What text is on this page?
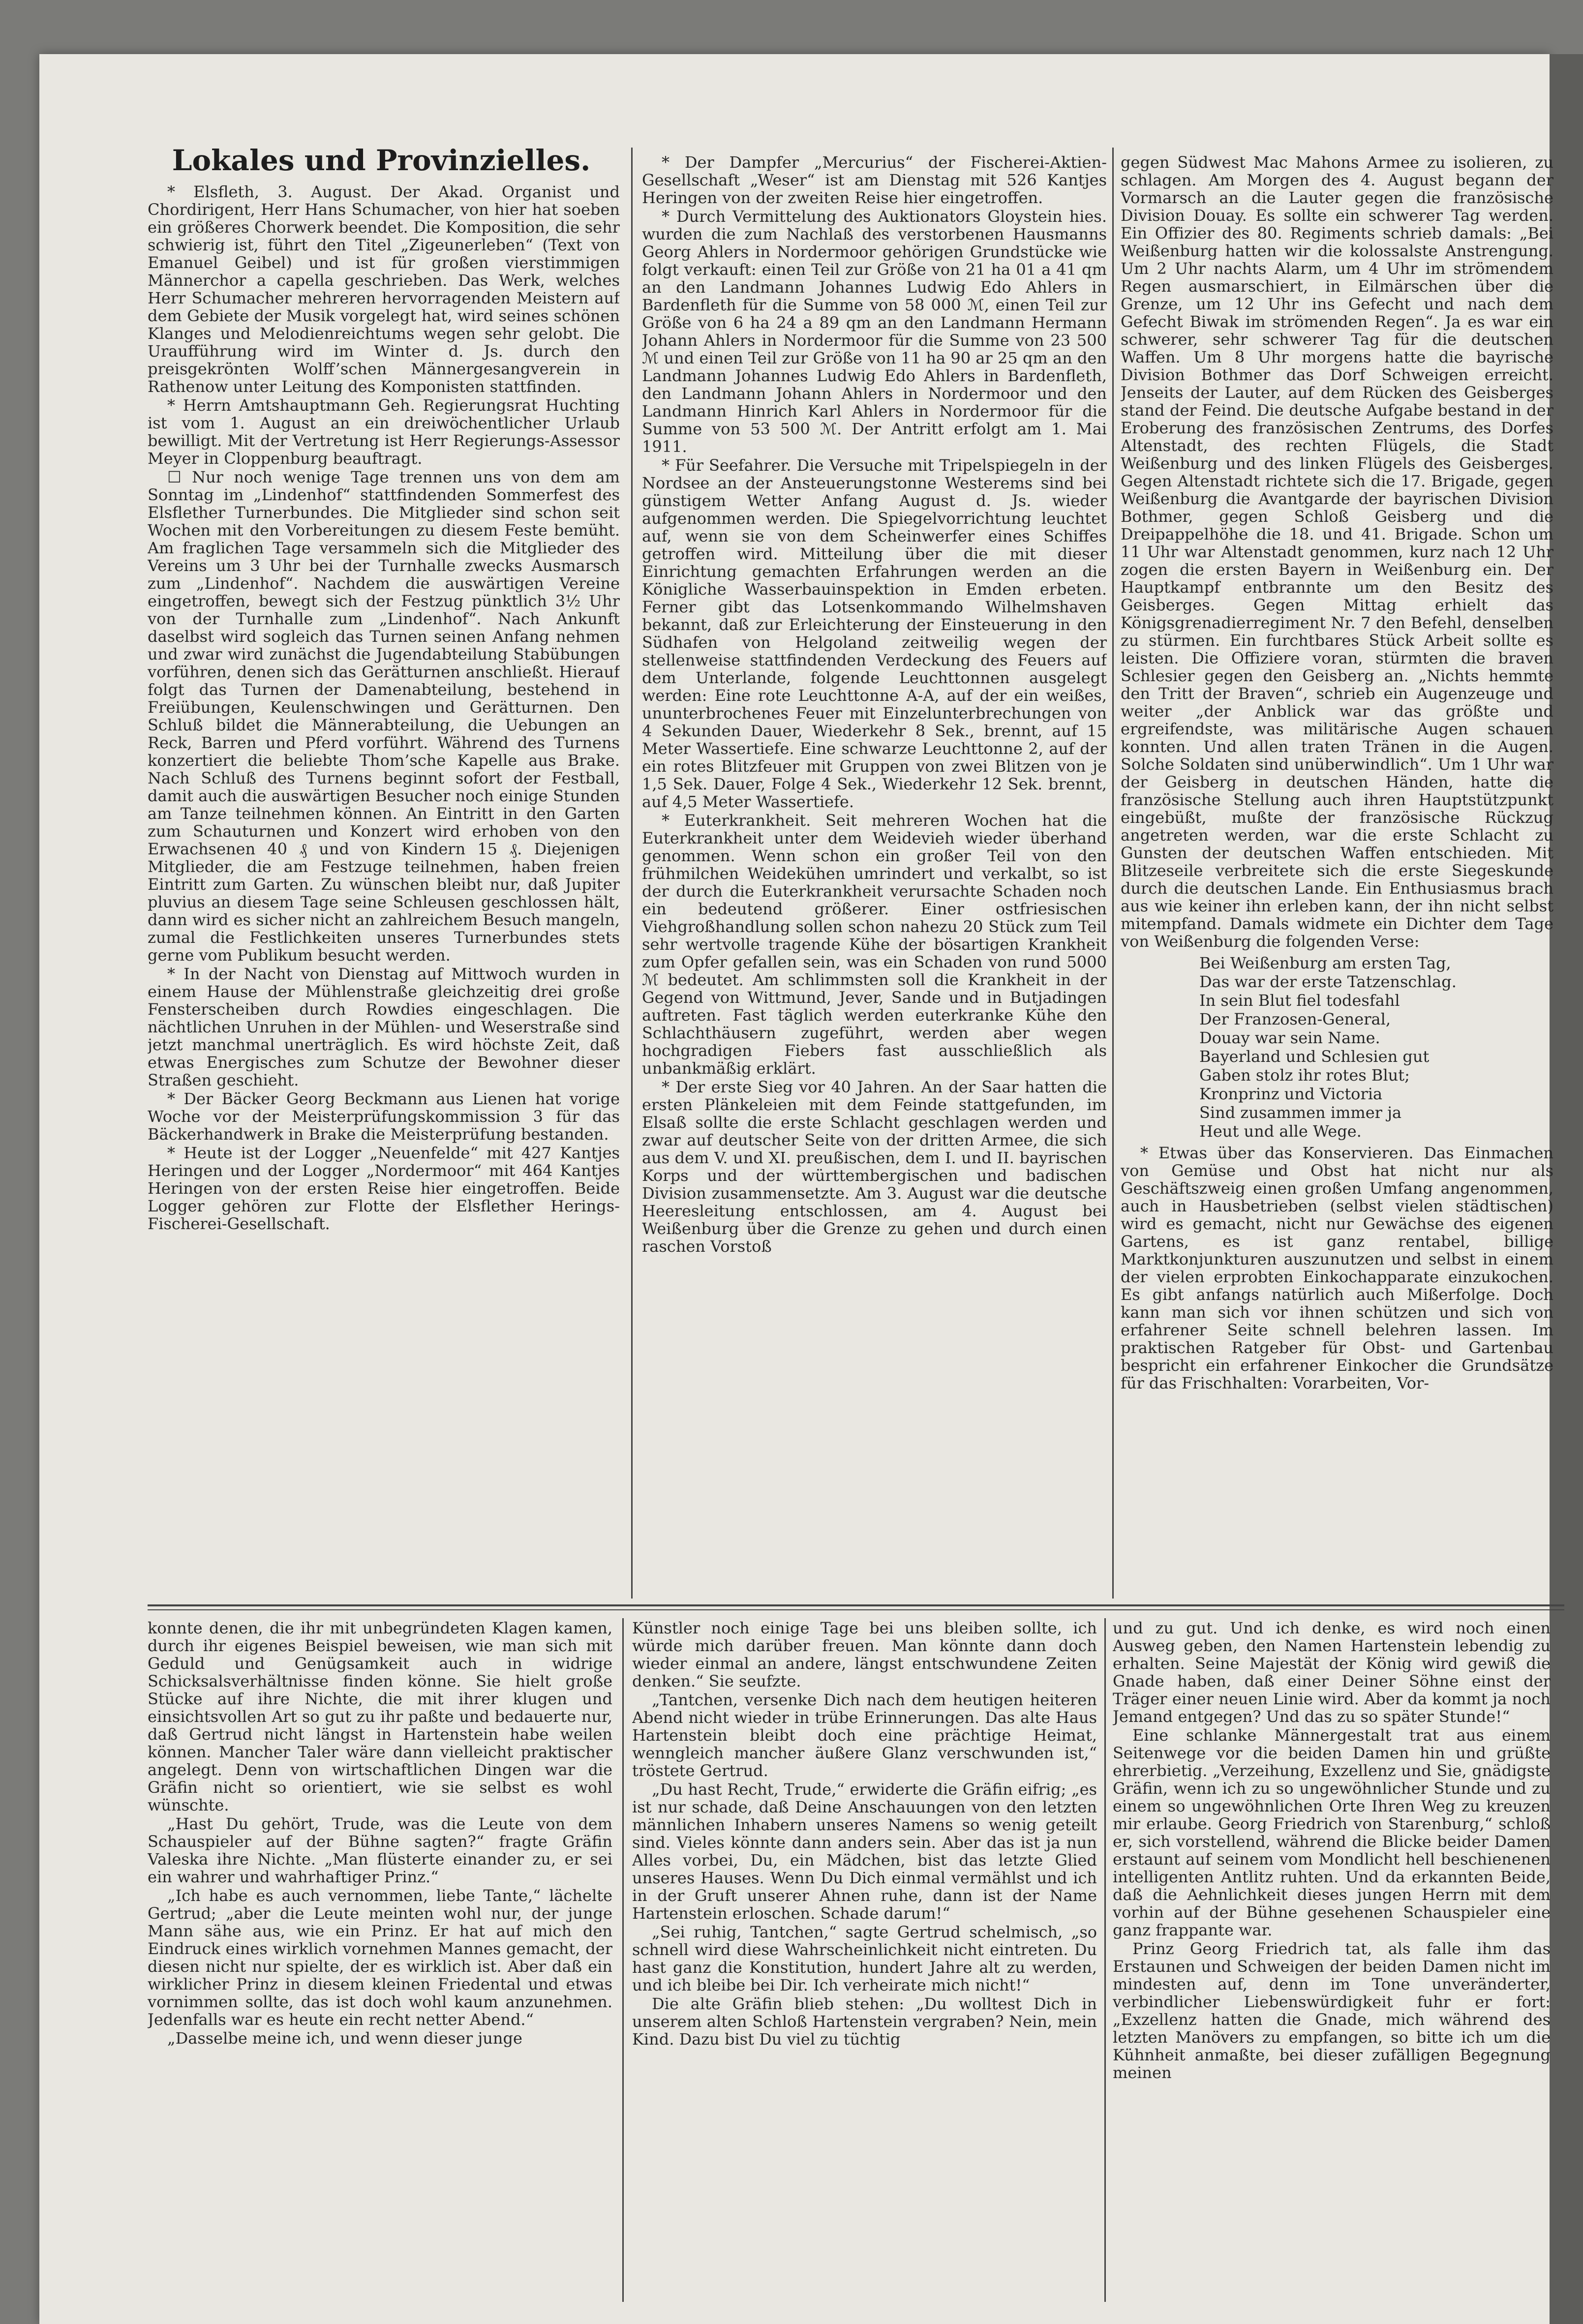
Lokales und Provinzielles.

* Elsfleth, 3. August. Der Akad. Organist und Chordirigent, Herr Hans Schumacher, von hier hat soeben ein größeres Chorwerk beendet. Die Komposition, die sehr schwierig ist, führt den Titel „Zigeunerleben“ (Text von Emanuel Geibel) und ist für großen vierstimmigen Männerchor a capella geschrieben. Das Werk, welches Herr Schumacher mehreren hervorragenden Meistern auf dem Gebiete der Musik vorgelegt hat, wird seines schönen Klanges und Melodienreichtums wegen sehr gelobt. Die Uraufführung wird im Winter d. Js. durch den preisgekrönten Wolff’schen Männergesangverein in Rathenow unter Leitung des Komponisten stattfinden.

* Herrn Amtshauptmann Geh. Regierungsrat Huchting ist vom 1. August an ein dreiwöchentlicher Urlaub bewilligt. Mit der Vertretung ist Herr Regierungs-Assessor Meyer in Cloppenburg beauftragt.

☐ Nur noch wenige Tage trennen uns von dem am Sonntag im „Lindenhof“ stattfindenden Sommerfest des Elsflether Turnerbundes. Die Mitglieder sind schon seit Wochen mit den Vorbereitungen zu diesem Feste bemüht. Am fraglichen Tage versammeln sich die Mitglieder des Vereins um 3 Uhr bei der Turnhalle zwecks Ausmarsch zum „Lindenhof“. Nachdem die auswärtigen Vereine eingetroffen, bewegt sich der Festzug pünktlich 3½ Uhr von der Turnhalle zum „Lindenhof“. Nach Ankunft daselbst wird sogleich das Turnen seinen Anfang nehmen und zwar wird zunächst die Jugendabteilung Stabübungen vorführen, denen sich das Gerätturnen anschließt. Hierauf folgt das Turnen der Damenabteilung, bestehend in Freiübungen, Keulenschwingen und Gerätturnen. Den Schluß bildet die Männerabteilung, die Uebungen an Reck, Barren und Pferd vorführt. Während des Turnens konzertiert die beliebte Thom’sche Kapelle aus Brake. Nach Schluß des Turnens beginnt sofort der Festball, damit auch die auswärtigen Besucher noch einige Stunden am Tanze teilnehmen können. An Eintritt in den Garten zum Schauturnen und Konzert wird erhoben von den Erwachsenen 40 ₰ und von Kindern 15 ₰. Diejenigen Mitglieder, die am Festzuge teilnehmen, haben freien Eintritt zum Garten. Zu wünschen bleibt nur, daß Jupiter pluvius an diesem Tage seine Schleusen geschlossen hält, dann wird es sicher nicht an zahlreichem Besuch mangeln, zumal die Festlichkeiten unseres Turnerbundes stets gerne vom Publikum besucht werden.

* In der Nacht von Dienstag auf Mittwoch wurden in einem Hause der Mühlenstraße gleichzeitig drei große Fensterscheiben durch Rowdies eingeschlagen. Die nächtlichen Unruhen in der Mühlen- und Weserstraße sind jetzt manchmal unerträglich. Es wird höchste Zeit, daß etwas Energisches zum Schutze der Bewohner dieser Straßen geschieht.

* Der Bäcker Georg Beckmann aus Lienen hat vorige Woche vor der Meisterprüfungskommission 3 für das Bäckerhandwerk in Brake die Meisterprüfung bestanden.

* Heute ist der Logger „Neuenfelde“ mit 427 Kantjes Heringen und der Logger „Nordermoor“ mit 464 Kantjes Heringen von der ersten Reise hier eingetroffen. Beide Logger gehören zur Flotte der Elsflether Herings-Fischerei-Gesellschaft.

* Der Dampfer „Mercurius“ der Fischerei-Aktien-Gesellschaft „Weser“ ist am Dienstag mit 526 Kantjes Heringen von der zweiten Reise hier eingetroffen.

* Durch Vermittelung des Auktionators Gloystein hies. wurden die zum Nachlaß des verstorbenen Hausmanns Georg Ahlers in Nordermoor gehörigen Grundstücke wie folgt verkauft: einen Teil zur Größe von 21 ha 01 a 41 qm an den Landmann Johannes Ludwig Edo Ahlers in Bardenfleth für die Summe von 58 000 ℳ, einen Teil zur Größe von 6 ha 24 a 89 qm an den Landmann Hermann Johann Ahlers in Nordermoor für die Summe von 23 500 ℳ und einen Teil zur Größe von 11 ha 90 ar 25 qm an den Landmann Johannes Ludwig Edo Ahlers in Bardenfleth, den Landmann Johann Ahlers in Nordermoor und den Landmann Hinrich Karl Ahlers in Nordermoor für die Summe von 53 500 ℳ. Der Antritt erfolgt am 1. Mai 1911.

* Für Seefahrer. Die Versuche mit Tripelspiegeln in der Nordsee an der Ansteuerungstonne Westerems sind bei günstigem Wetter Anfang August d. Js. wieder aufgenommen werden. Die Spiegelvorrichtung leuchtet auf, wenn sie von dem Scheinwerfer eines Schiffes getroffen wird. Mitteilung über die mit dieser Einrichtung gemachten Erfahrungen werden an die Königliche Wasserbauinspektion in Emden erbeten. Ferner gibt das Lotsenkommando Wilhelmshaven bekannt, daß zur Erleichterung der Einsteuerung in den Südhafen von Helgoland zeitweilig wegen der stellenweise stattfindenden Verdeckung des Feuers auf dem Unterlande, folgende Leuchttonnen ausgelegt werden: Eine rote Leuchttonne A-A, auf der ein weißes, ununterbrochenes Feuer mit Einzelunterbrechungen von 4 Sekunden Dauer, Wiederkehr 8 Sek., brennt, auf 15 Meter Wassertiefe. Eine schwarze Leuchttonne 2, auf der ein rotes Blitzfeuer mit Gruppen von zwei Blitzen von je 1,5 Sek. Dauer, Folge 4 Sek., Wiederkehr 12 Sek. brennt, auf 4,5 Meter Wassertiefe.

* Euterkrankheit. Seit mehreren Wochen hat die Euterkrankheit unter dem Weidevieh wieder überhand genommen. Wenn schon ein großer Teil von den frühmilchen Weidekühen umrindert und verkalbt, so ist der durch die Euterkrankheit verursachte Schaden noch ein bedeutend größerer. Einer ostfriesischen Viehgroßhandlung sollen schon nahezu 20 Stück zum Teil sehr wertvolle tragende Kühe der bösartigen Krankheit zum Opfer gefallen sein, was ein Schaden von rund 5000 ℳ bedeutet. Am schlimmsten soll die Krankheit in der Gegend von Wittmund, Jever, Sande und in Butjadingen auftreten. Fast täglich werden euterkranke Kühe den Schlachthäusern zugeführt, werden aber wegen hochgradigen Fiebers fast ausschließlich als unbankmäßig erklärt.

* Der erste Sieg vor 40 Jahren. An der Saar hatten die ersten Plänkeleien mit dem Feinde stattgefunden, im Elsaß sollte die erste Schlacht geschlagen werden und zwar auf deutscher Seite von der dritten Armee, die sich aus dem V. und XI. preußischen, dem I. und II. bayrischen Korps und der württembergischen und badischen Division zusammensetzte. Am 3. August war die deutsche Heeresleitung entschlossen, am 4. August bei Weißenburg über die Grenze zu gehen und durch einen raschen Vorstoß

gegen Südwest Mac Mahons Armee zu isolieren, zu schlagen. Am Morgen des 4. August begann der Vormarsch an die Lauter gegen die französische Division Douay. Es sollte ein schwerer Tag werden. Ein Offizier des 80. Regiments schrieb damals: „Bei Weißenburg hatten wir die kolossalste Anstrengung. Um 2 Uhr nachts Alarm, um 4 Uhr im strömendem Regen ausmarschiert, in Eilmärschen über die Grenze, um 12 Uhr ins Gefecht und nach dem Gefecht Biwak im strömenden Regen“. Ja es war ein schwerer, sehr schwerer Tag für die deutschen Waffen. Um 8 Uhr morgens hatte die bayrische Division Bothmer das Dorf Schweigen erreicht. Jenseits der Lauter, auf dem Rücken des Geisberges stand der Feind. Die deutsche Aufgabe bestand in der Eroberung des französischen Zentrums, des Dorfes Altenstadt, des rechten Flügels, die Stadt Weißenburg und des linken Flügels des Geisberges. Gegen Altenstadt richtete sich die 17. Brigade, gegen Weißenburg die Avantgarde der bayrischen Division Bothmer, gegen Schloß Geisberg und die Dreipappelhöhe die 18. und 41. Brigade. Schon um 11 Uhr war Altenstadt genommen, kurz nach 12 Uhr zogen die ersten Bayern in Weißenburg ein. Der Hauptkampf entbrannte um den Besitz des Geisberges. Gegen Mittag erhielt das Königsgrenadierregiment Nr. 7 den Befehl, denselben zu stürmen. Ein furchtbares Stück Arbeit sollte es leisten. Die Offiziere voran, stürmten die braven Schlesier gegen den Geisberg an. „Nichts hemmte den Tritt der Braven“, schrieb ein Augenzeuge und weiter „der Anblick war das größte und ergreifendste, was militärische Augen schauen konnten. Und allen traten Tränen in die Augen. Solche Soldaten sind unüberwindlich“. Um 1 Uhr war der Geisberg in deutschen Händen, hatte die französische Stellung auch ihren Hauptstützpunkt eingebüßt, mußte der französische Rückzug angetreten werden, war die erste Schlacht zu Gunsten der deutschen Waffen entschieden. Mit Blitzeseile verbreitete sich die erste Siegeskunde durch die deutschen Lande. Ein Enthusiasmus brach aus wie keiner ihn erleben kann, der ihn nicht selbst mitempfand. Damals widmete ein Dichter dem Tage von Weißenburg die folgenden Verse:

Bei Weißenburg am ersten Tag,

Das war der erste Tatzenschlag.

In sein Blut fiel todesfahl

Der Franzosen-General,

Douay war sein Name.

Bayerland und Schlesien gut

Gaben stolz ihr rotes Blut;

Kronprinz und Victoria

Sind zusammen immer ja

Heut und alle Wege.

* Etwas über das Konservieren. Das Einmachen von Gemüse und Obst hat nicht nur als Geschäftszweig einen großen Umfang angenommen, auch in Hausbetrieben (selbst vielen städtischen) wird es gemacht, nicht nur Gewächse des eigenen Gartens, es ist ganz rentabel, billige Marktkonjunkturen auszunutzen und selbst in einem der vielen erprobten Einkochapparate einzukochen. Es gibt anfangs natürlich auch Mißerfolge. Doch kann man sich vor ihnen schützen und sich von erfahrener Seite schnell belehren lassen. Im praktischen Ratgeber für Obst- und Gartenbau bespricht ein erfahrener Einkocher die Grundsätze für das Frischhalten: Vorarbeiten, Vor-

konnte denen, die ihr mit unbegründeten Klagen kamen, durch ihr eigenes Beispiel beweisen, wie man sich mit Geduld und Genügsamkeit auch in widrige Schicksalsverhältnisse finden könne. Sie hielt große Stücke auf ihre Nichte, die mit ihrer klugen und einsichtsvollen Art so gut zu ihr paßte und bedauerte nur, daß Gertrud nicht längst in Hartenstein habe weilen können. Mancher Taler wäre dann vielleicht praktischer angelegt. Denn von wirtschaftlichen Dingen war die Gräfin nicht so orientiert, wie sie selbst es wohl wünschte.

„Hast Du gehört, Trude, was die Leute von dem Schauspieler auf der Bühne sagten?“ fragte Gräfin Valeska ihre Nichte. „Man flüsterte einander zu, er sei ein wahrer und wahrhaftiger Prinz.“

„Ich habe es auch vernommen, liebe Tante,“ lächelte Gertrud; „aber die Leute meinten wohl nur, der junge Mann sähe aus, wie ein Prinz. Er hat auf mich den Eindruck eines wirklich vornehmen Mannes gemacht, der diesen nicht nur spielte, der es wirklich ist. Aber daß ein wirklicher Prinz in diesem kleinen Friedental und etwas vornimmen sollte, das ist doch wohl kaum anzunehmen. Jedenfalls war es heute ein recht netter Abend.“

„Dasselbe meine ich, und wenn dieser junge

Künstler noch einige Tage bei uns bleiben sollte, ich würde mich darüber freuen. Man könnte dann doch wieder einmal an andere, längst entschwundene Zeiten denken.“ Sie seufzte.

„Tantchen, versenke Dich nach dem heutigen heiteren Abend nicht wieder in trübe Erinnerungen. Das alte Haus Hartenstein bleibt doch eine prächtige Heimat, wenngleich mancher äußere Glanz verschwunden ist,“ tröstete Gertrud.

„Du hast Recht, Trude,“ erwiderte die Gräfin eifrig; „es ist nur schade, daß Deine Anschauungen von den letzten männlichen Inhabern unseres Namens so wenig geteilt sind. Vieles könnte dann anders sein. Aber das ist ja nun Alles vorbei, Du, ein Mädchen, bist das letzte Glied unseres Hauses. Wenn Du Dich einmal vermählst und ich in der Gruft unserer Ahnen ruhe, dann ist der Name Hartenstein erloschen. Schade darum!“

„Sei ruhig, Tantchen,“ sagte Gertrud schelmisch, „so schnell wird diese Wahrscheinlichkeit nicht eintreten. Du hast ganz die Konstitution, hundert Jahre alt zu werden, und ich bleibe bei Dir. Ich verheirate mich nicht!“

Die alte Gräfin blieb stehen: „Du wolltest Dich in unserem alten Schloß Hartenstein vergraben? Nein, mein Kind. Dazu bist Du viel zu tüchtig

und zu gut. Und ich denke, es wird noch einen Ausweg geben, den Namen Hartenstein lebendig zu erhalten. Seine Majestät der König wird gewiß die Gnade haben, daß einer Deiner Söhne einst der Träger einer neuen Linie wird. Aber da kommt ja noch Jemand entgegen? Und das zu so später Stunde!“

Eine schlanke Männergestalt trat aus einem Seitenwege vor die beiden Damen hin und grüßte ehrerbietig. „Verzeihung, Exzellenz und Sie, gnädigste Gräfin, wenn ich zu so ungewöhnlicher Stunde und zu einem so ungewöhnlichen Orte Ihren Weg zu kreuzen mir erlaube. Georg Friedrich von Starenburg,“ schloß er, sich vorstellend, während die Blicke beider Damen erstaunt auf seinem vom Mondlicht hell beschienenen intelligenten Antlitz ruhten. Und da erkannten Beide, daß die Aehnlichkeit dieses jungen Herrn mit dem vorhin auf der Bühne gesehenen Schauspieler eine ganz frappante war.

Prinz Georg Friedrich tat, als falle ihm das Erstaunen und Schweigen der beiden Damen nicht im mindesten auf, denn im Tone unveränderter, verbindlicher Liebenswürdigkeit fuhr er fort: „Exzellenz hatten die Gnade, mich während des letzten Manövers zu empfangen, so bitte ich um die Kühnheit anmaßte, bei dieser zufälligen Begegnung meinen
